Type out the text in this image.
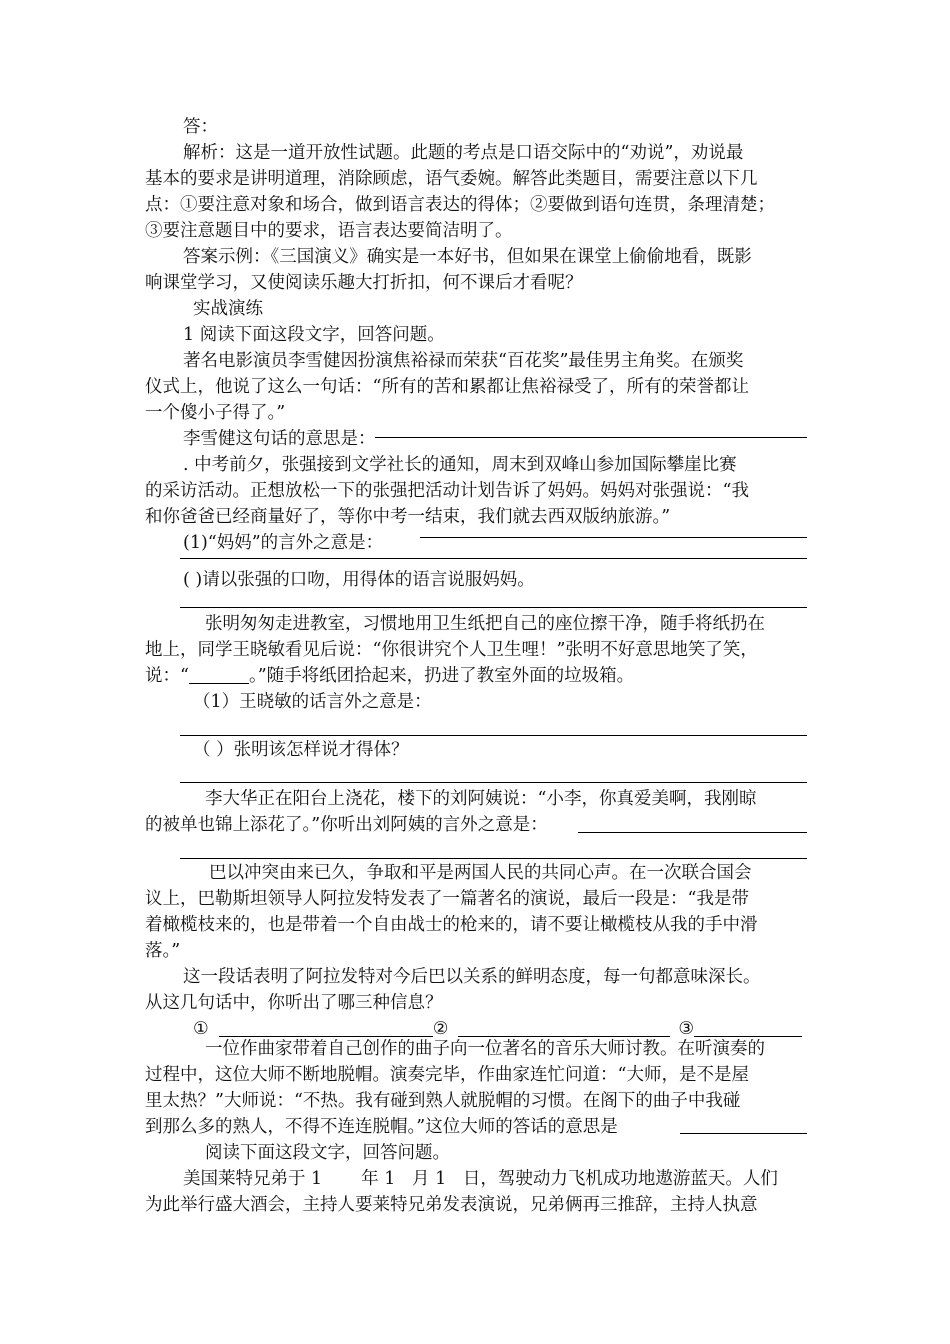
答：
解析：这是一道开放性试题。此题的考点是口语交际中的“劝说”，劝说最
基本的要求是讲明道理，消除顾虑，语气委婉。解答此类题目，需要注意以下几
点：①要注意对象和场合，做到语言表达的得体；②要做到语句连贯，条理清楚；
③要注意题目中的要求，语言表达要简洁明了。
答案示例：《三国演义》确实是一本好书，但如果在课堂上偷偷地看，既影
响课堂学习，又使阅读乐趣大打折扣，何不课后才看呢？
实战演练
1 阅读下面这段文字，回答问题。
著名电影演员李雪健因扮演焦裕禄而荣获“百花奖”最佳男主角奖。在颁奖
仪式上，他说了这么一句话：“所有的苦和累都让焦裕禄受了，所有的荣誉都让
一个傻小子得了。”
李雪健这句话的意思是：
. 中考前夕，张强接到文学社长的通知，周末到双峰山参加国际攀崖比赛
的采访活动。正想放松一下的张强把活动计划告诉了妈妈。妈妈对张强说：“我
和你爸爸已经商量好了，等你中考一结束，我们就去西双版纳旅游。”
(1)“妈妈”的言外之意是：
( )请以张强的口吻，用得体的语言说服妈妈。
张明匆匆走进教室，习惯地用卫生纸把自己的座位擦干净，随手将纸扔在
地上，同学王晓敏看见后说：“你很讲究个人卫生哩！”张明不好意思地笑了笑，
说：“	。”随手将纸团拾起来，扔进了教室外面的垃圾箱。
（1）王晓敏的话言外之意是：
（ ）张明该怎样说才得体？
李大华正在阳台上浇花，楼下的刘阿姨说：“小李，你真爱美啊，我刚晾
的被单也锦上添花了。”你听出刘阿姨的言外之意是：
巴以冲突由来已久，争取和平是两国人民的共同心声。在一次联合国会
议上，巴勒斯坦领导人阿拉发特发表了一篇著名的演说，最后一段是：“我是带
着橄榄枝来的，也是带着一个自由战士的枪来的，请不要让橄榄枝从我的手中滑
落。”
这一段话表明了阿拉发特对今后巴以关系的鲜明态度，每一句都意味深长。
从这几句话中，你听出了哪三种信息？
①	②	③
一位作曲家带着自己创作的曲子向一位著名的音乐大师讨教。在听演奏的
过程中，这位大师不断地脱帽。演奏完毕，作曲家连忙问道：“大师，是不是屋
里太热？”大师说：“不热。我有碰到熟人就脱帽的习惯。在阁下的曲子中我碰
到那么多的熟人，不得不连连脱帽。”这位大师的答话的意思是
阅读下面这段文字，回答问题。
美国莱特兄弟于 1       年 1   月 1   日，驾驶动力飞机成功地遨游蓝天。人们
为此举行盛大酒会，主持人要莱特兄弟发表演说，兄弟俩再三推辞，主持人执意
